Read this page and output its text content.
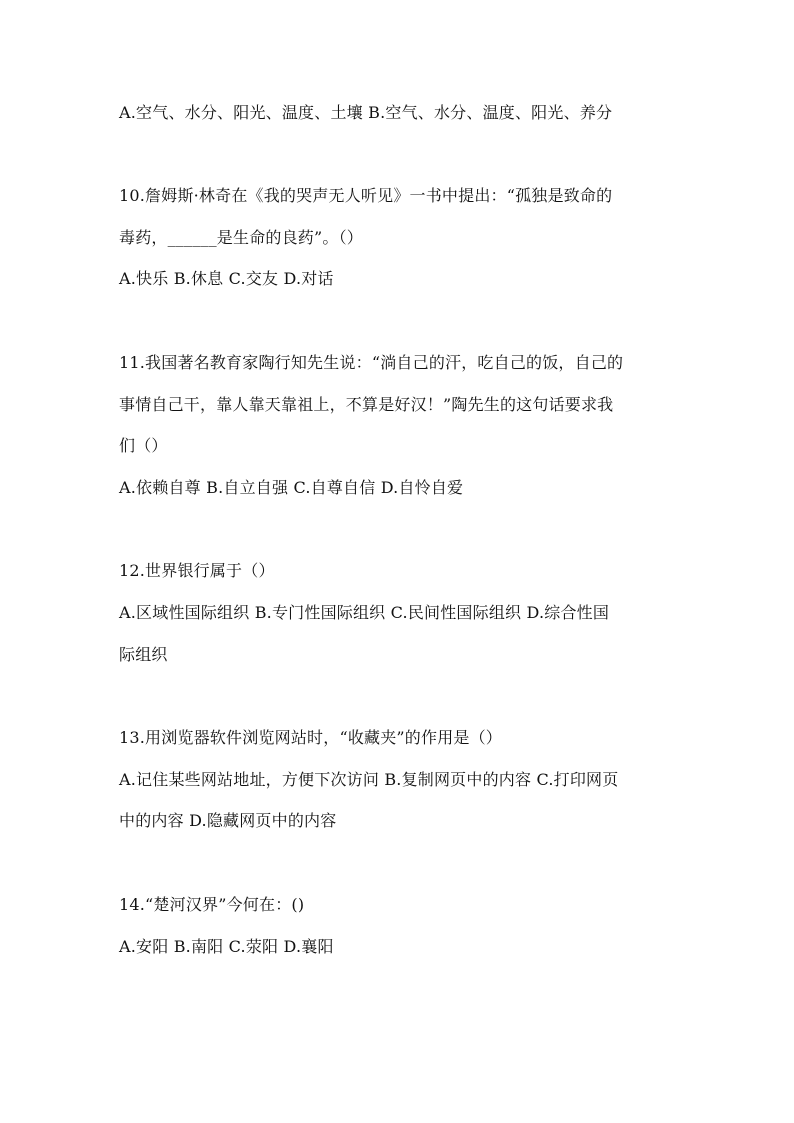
A.空气、水分、阳光、温度、土壤 B.空气、水分、温度、阳光、养分
10.詹姆斯·林奇在《我的哭声无人听见》一书中提出：“孤独是致命的
毒药，______是生命的良药”。（）
A.快乐 B.休息 C.交友 D.对话
11.我国著名教育家陶行知先生说：“淌自己的汗，吃自己的饭，自己的
事情自己干，靠人靠天靠祖上，不算是好汉！”陶先生的这句话要求我
们（）
A.依赖自尊 B.自立自强 C.自尊自信 D.自怜自爱
12.世界银行属于（）
A.区域性国际组织 B.专门性国际组织 C.民间性国际组织 D.综合性国
际组织
13.用浏览器软件浏览网站时，“收藏夹”的作用是（）
A.记住某些网站地址，方便下次访问 B.复制网页中的内容 C.打印网页
中的内容 D.隐藏网页中的内容
14.“楚河汉界”今何在：()
A.安阳 B.南阳 C.荥阳 D.襄阳
